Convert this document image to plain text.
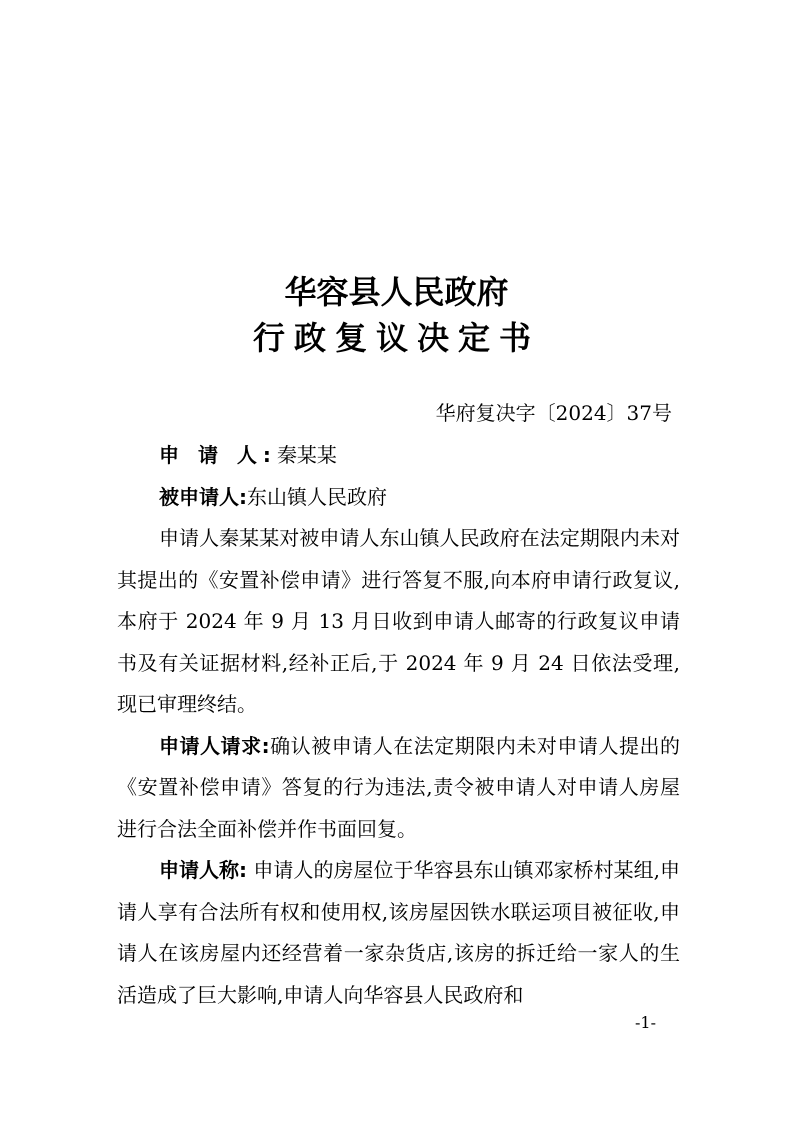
华容县人民政府
行政复议决定书
华府复决字〔2024〕37号

申 请 人:秦某某

被申请人:东山镇人民政府

申请人秦某某对被申请人东山镇人民政府在法定期限内未对其提出的《安置补偿申请》进行答复不服,向本府申请行政复议,本府于 2024 年 9 月 13 月日收到申请人邮寄的行政复议申请书及有关证据材料,经补正后,于 2024 年 9 月 24 日依法受理,现已审理终结。

申请人请求:确认被申请人在法定期限内未对申请人提出的《安置补偿申请》答复的行为违法,责令被申请人对申请人房屋进行合法全面补偿并作书面回复。

申请人称: 申请人的房屋位于华容县东山镇邓家桥村某组,申请人享有合法所有权和使用权,该房屋因铁水联运项目被征收,申请人在该房屋内还经营着一家杂货店,该房的拆迁给一家人的生活造成了巨大影响,申请人向华容县人民政府和

-1-
